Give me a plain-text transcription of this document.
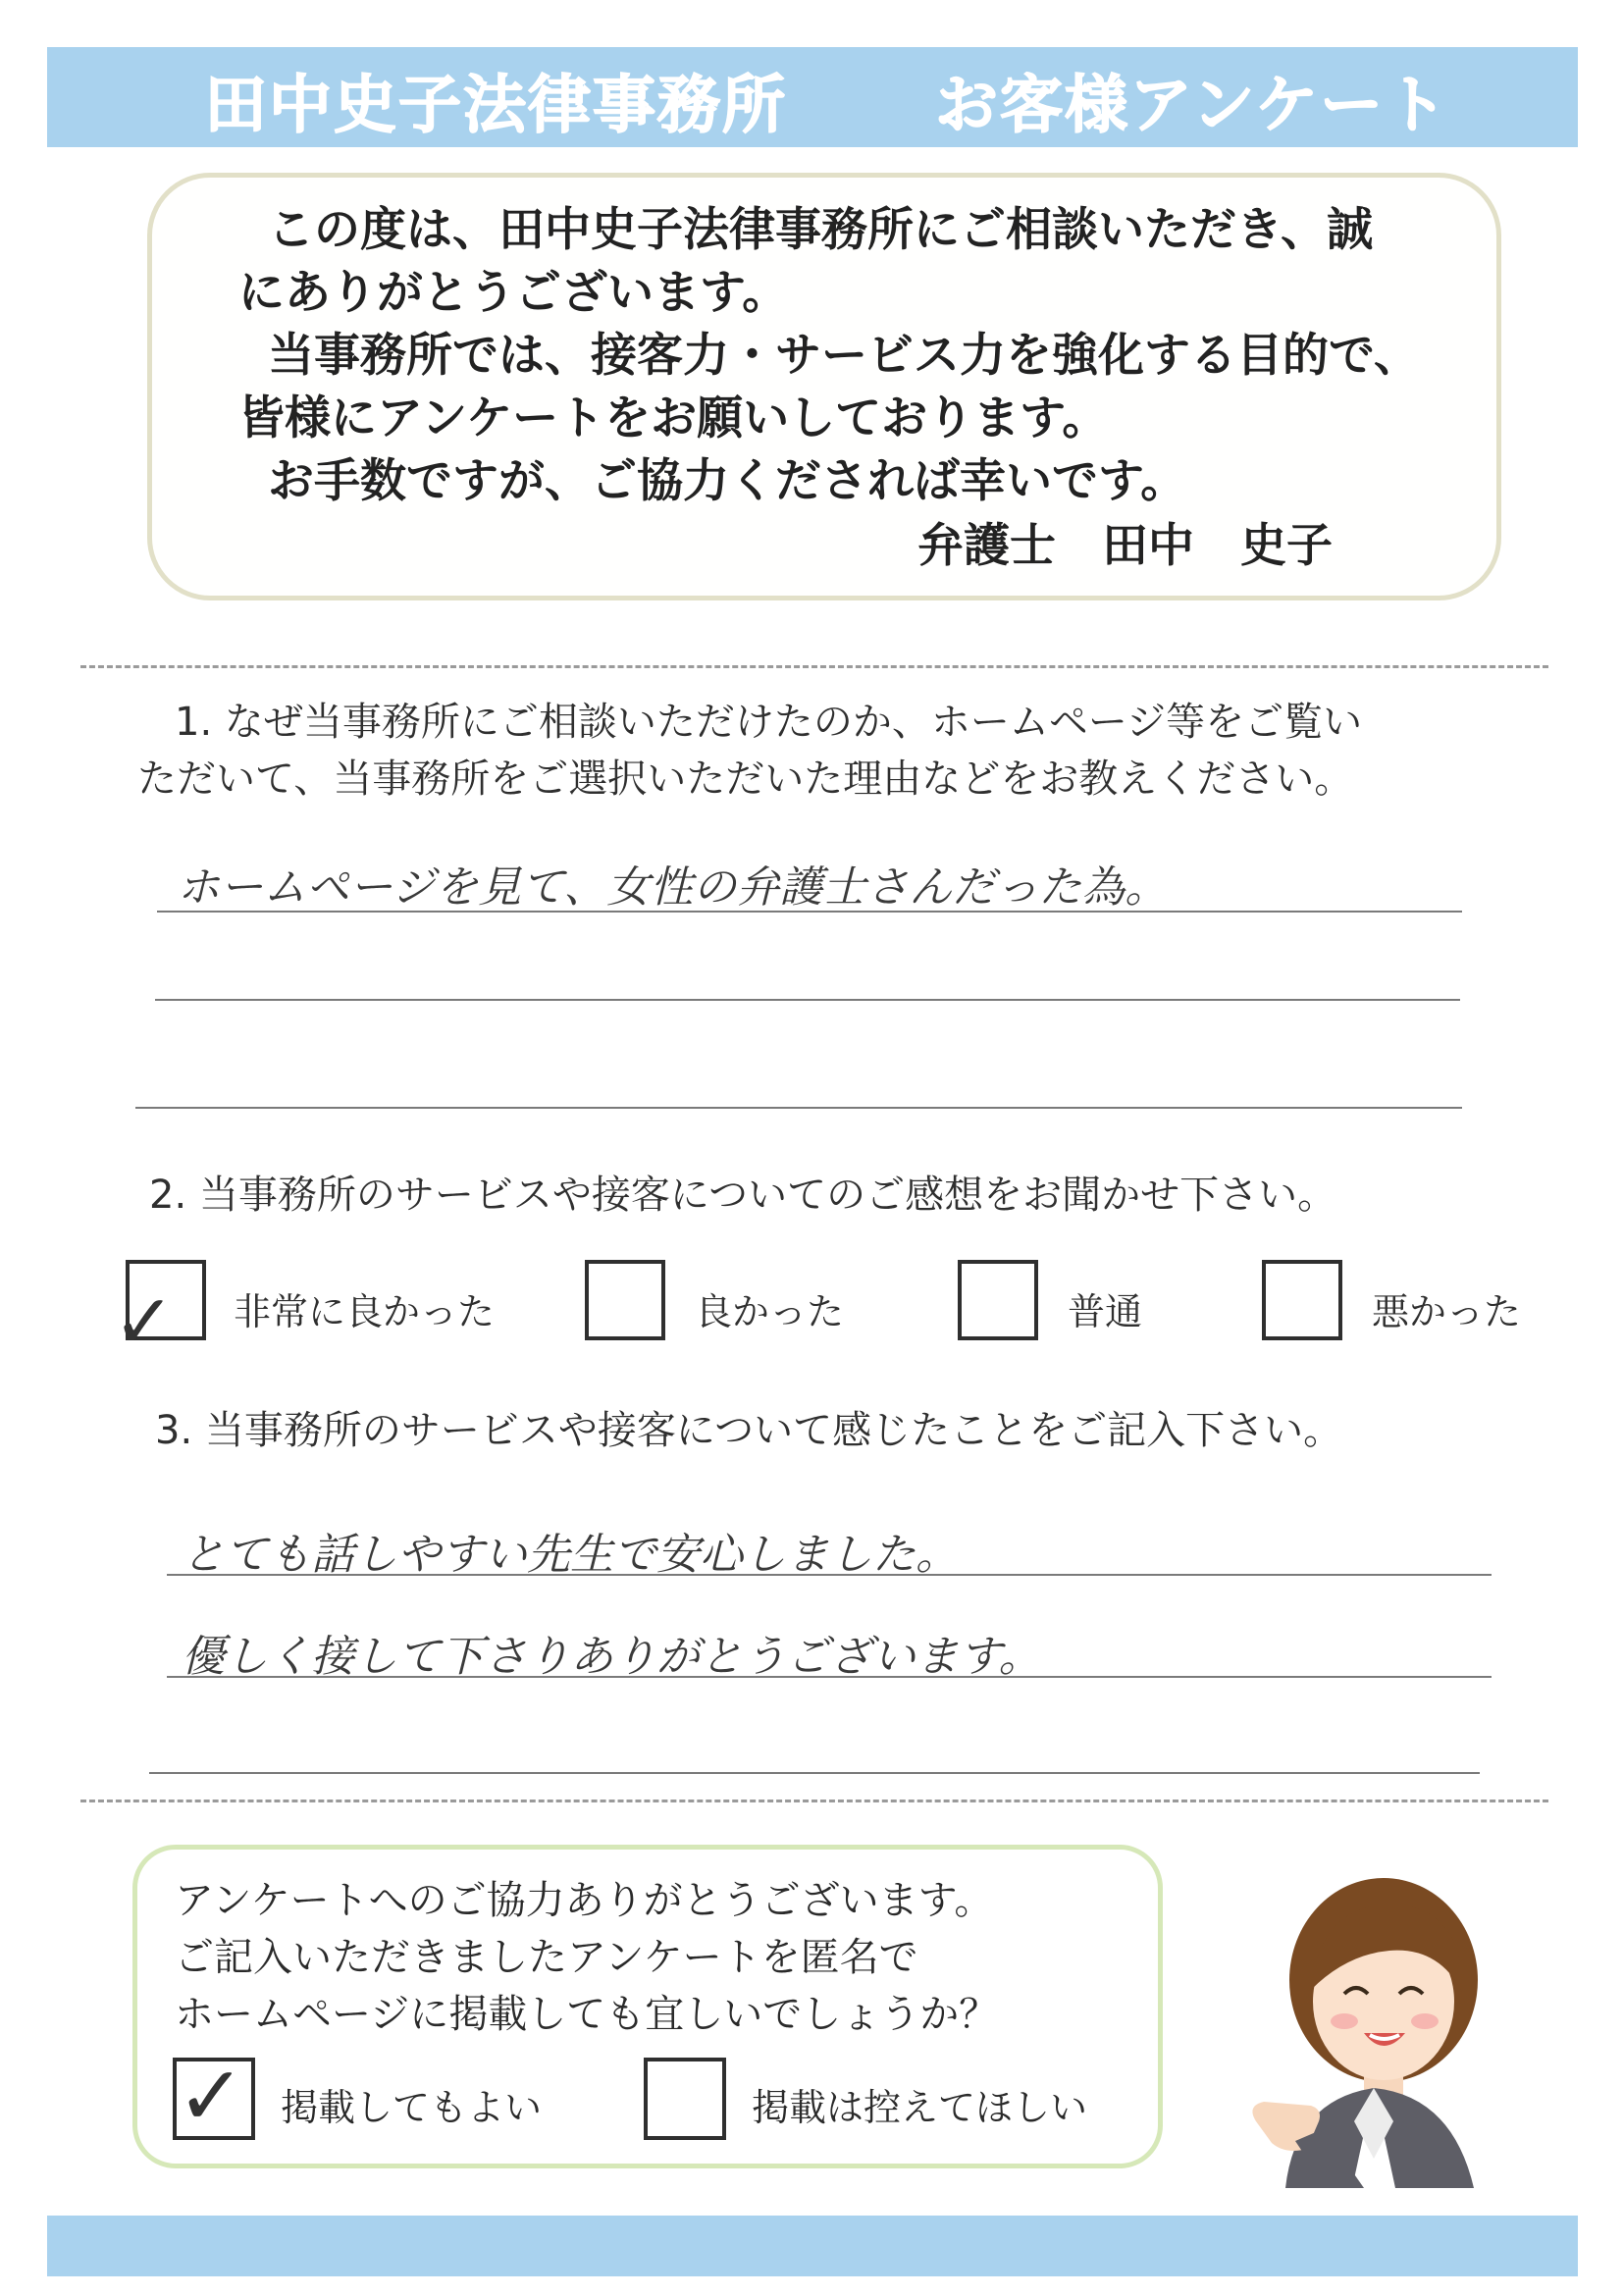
田中史子法律事務所 お客様アンケート
この度は、田中史子法律事務所にご相談いただき、誠
にありがとうございます。
当事務所では、接客力・サービス力を強化する目的で、
皆様にアンケートをお願いしております。
お手数ですが、ご協力くだされば幸いです。
弁護士　田中　史子
1. なぜ当事務所にご相談いただけたのか、ホームページ等をご覧い
ただいて、当事務所をご選択いただいた理由などをお教えください。
ホームページを見て、女性の弁護士さんだった為。
2. 当事務所のサービスや接客についてのご感想をお聞かせ下さい。
✓ 非常に良かった	良かった	普通	悪かった
3. 当事務所のサービスや接客について感じたことをご記入下さい。
とても話しやすい先生で安心しました。
優しく接して下さりありがとうございます。
アンケートへのご協力ありがとうございます。
ご記入いただきましたアンケートを匿名で
ホームページに掲載しても宜しいでしょうか？
✓ 掲載してもよい	掲載は控えてほしい
